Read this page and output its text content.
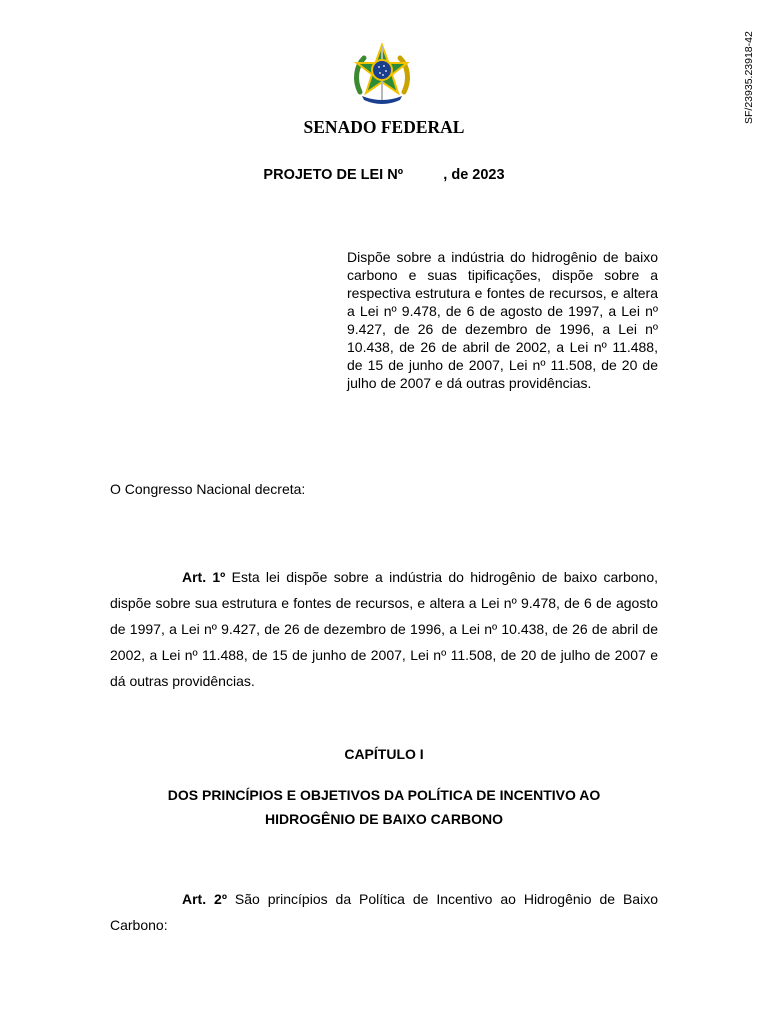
SF/23935.23918-42
SENADO FEDERAL
PROJETO DE LEI Nº          , de 2023
Dispõe sobre a indústria do hidrogênio de baixo carbono e suas tipificações, dispõe sobre a respectiva estrutura e fontes de recursos, e altera a Lei nº 9.478, de 6 de agosto de 1997, a Lei nº 9.427, de 26 de dezembro de 1996, a Lei nº 10.438, de 26 de abril de 2002, a Lei nº 11.488, de 15 de junho de 2007, Lei nº 11.508, de 20 de julho de 2007 e dá outras providências.
O Congresso Nacional decreta:

Art. 1º Esta lei dispõe sobre a indústria do hidrogênio de baixo carbono, dispõe sobre sua estrutura e fontes de recursos, e altera a Lei nº 9.478, de 6 de agosto de 1997, a Lei nº 9.427, de 26 de dezembro de 1996, a Lei nº 10.438, de 26 de abril de 2002, a Lei nº 11.488, de 15 de junho de 2007, Lei nº 11.508, de 20 de julho de 2007 e dá outras providências.

CAPÍTULO I
DOS PRINCÍPIOS E OBJETIVOS DA POLÍTICA DE INCENTIVO AO HIDROGÊNIO DE BAIXO CARBONO

Art. 2º São princípios da Política de Incentivo ao Hidrogênio de Baixo Carbono:
